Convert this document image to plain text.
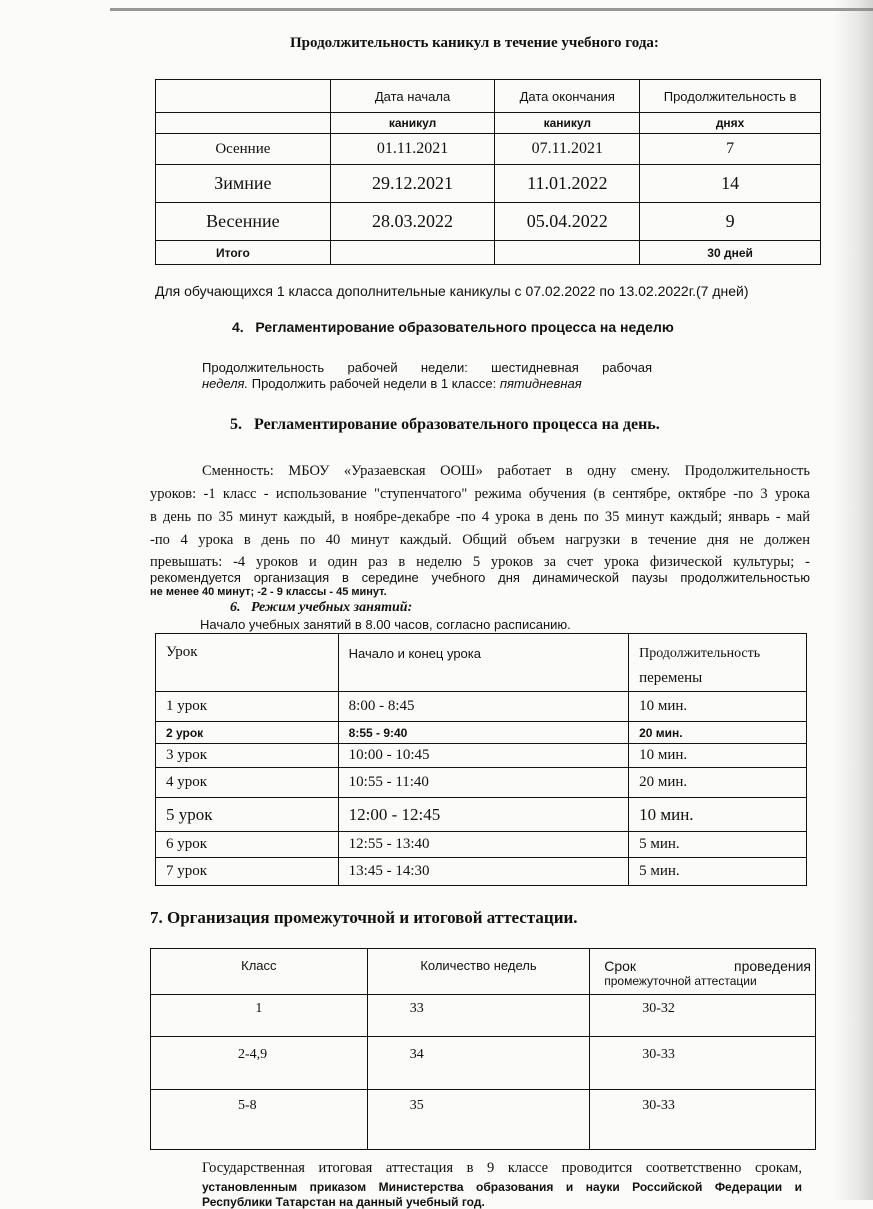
Продолжительность каникул в течение учебного года:
	Дата начала	Дата окончания	Продолжительность в
	каникул	каникул	днях
Осенние	01.11.2021	07.11.2021	7
Зимние	29.12.2021	11.01.2022	14
Весенние	28.03.2022	05.04.2022	9
Итого			30 дней
Для обучающихся 1 класса дополнительные каникулы с 07.02.2022 по 13.02.2022г.(7 дней)
4.   Регламентирование образовательного процесса на неделю
Продолжительность рабочей недели: шестидневная рабочая
неделя. Продолжить рабочей недели в 1 классе: пятидневная
5.   Регламентирование образовательного процесса на день.
Сменность: МБОУ «Уразаевская ООШ» работает в одну смену. Продолжительность
уроков: -1 класс - использование "ступенчатого" режима обучения (в сентябре, октябре -по 3 урока
в день по 35 минут каждый, в ноябре-декабре -по 4 урока в день по 35 минут каждый; январь - май
-по 4 урока в день по 40 минут каждый. Общий объем нагрузки в течение дня не должен
превышать: -4 уроков и один раз в неделю 5 уроков за счет урока физической культуры; -
рекомендуется организация в середине учебного дня динамической паузы продолжительностью
не менее 40 минут; -2 - 9 классы - 45 минут.
6.   Режим учебных занятий:
Начало учебных занятий в 8.00 часов, согласно расписанию.
Урок	Начало и конец урока	Продолжительность
перемены

1 урок	8:00 - 8:45	10 мин.
2 урок	8:55 - 9:40	20 мин.
3 урок	10:00 - 10:45	10 мин.
4 урок	10:55 - 11:40	20 мин.
5 урок	12:00 - 12:45	10 мин.
6 урок	12:55 - 13:40	5 мин.
7 урок	13:45 - 14:30	5 мин.
7. Организация промежуточной и итоговой аттестации.
Класс	Количество недель	Срок проведения
промежуточной аттестации

1	33	30-32
2-4,9	34	30-33
5-8	35	30-33
Государственная итоговая аттестация в 9 классе проводится соответственно срокам,
установленным приказом Министерства образования и науки Российской Федерации и
Республики Татарстан на данный учебный год.
